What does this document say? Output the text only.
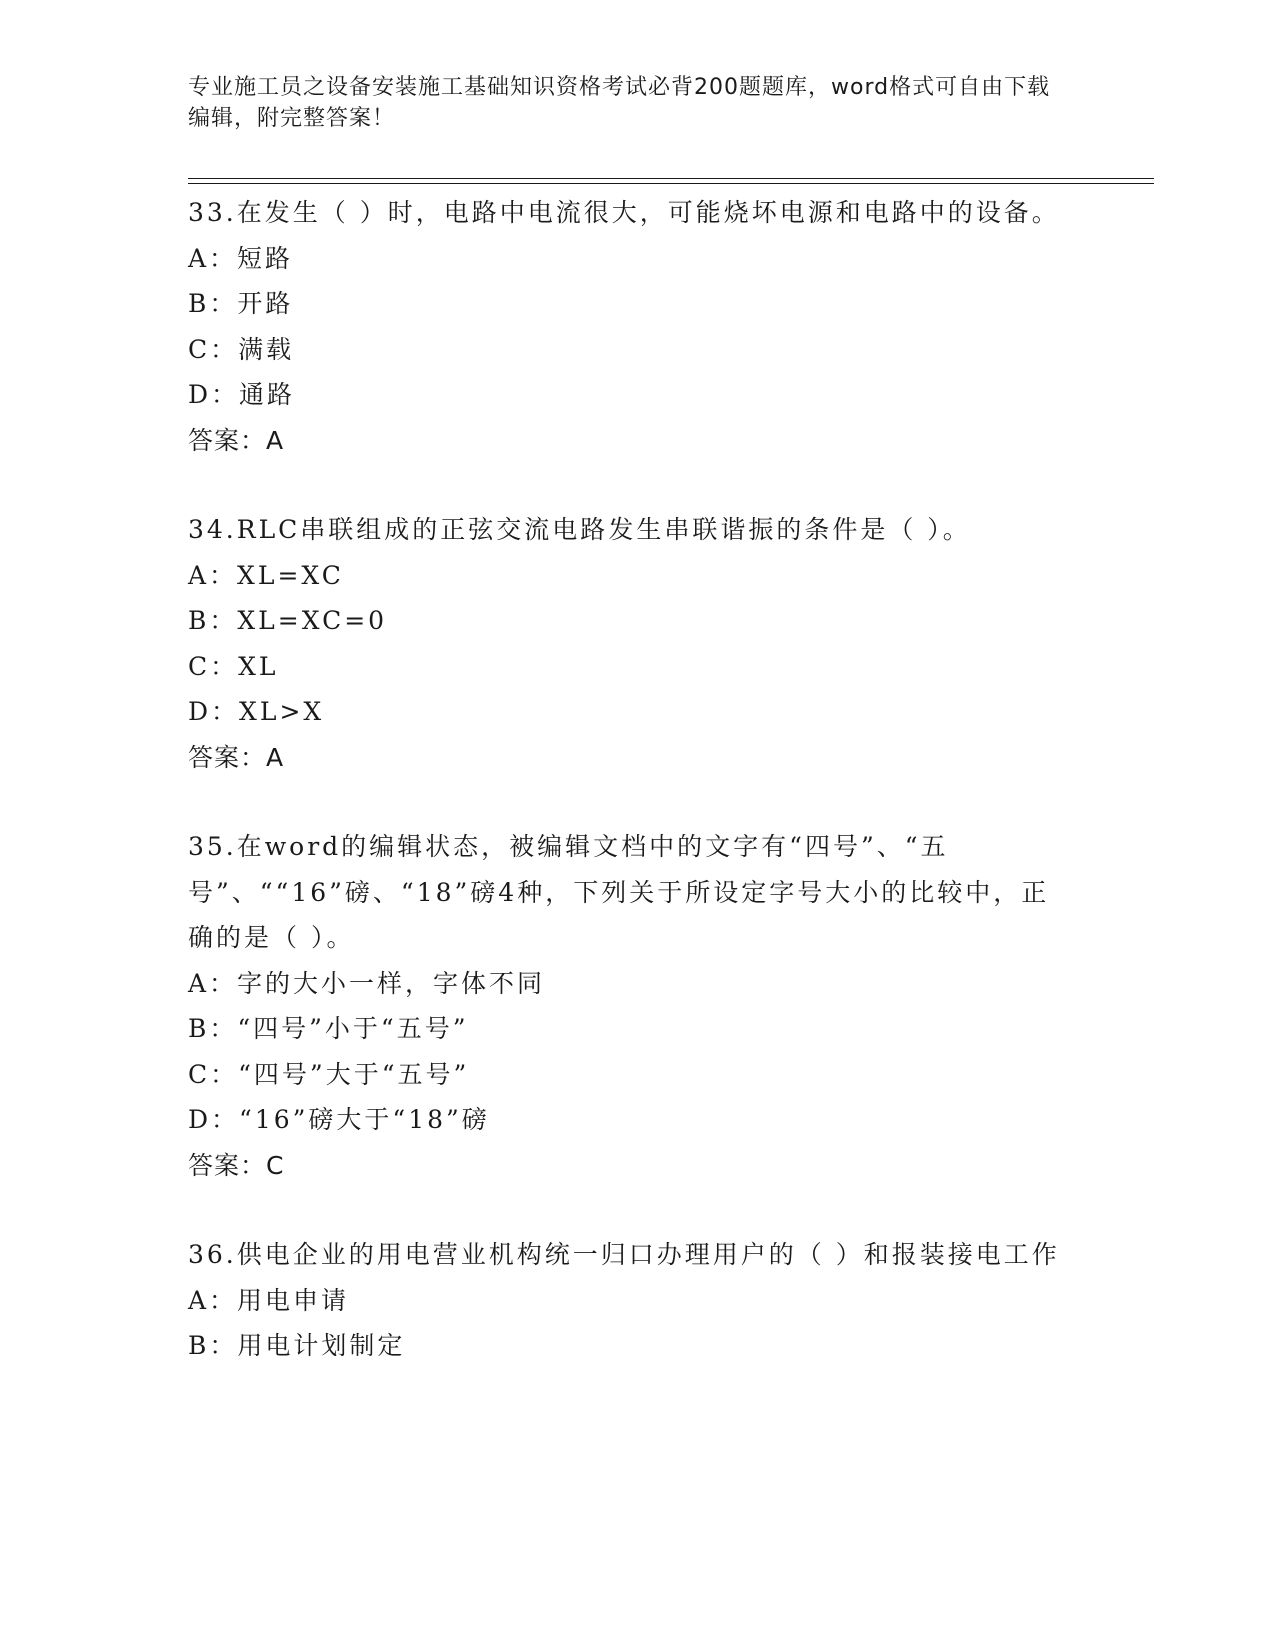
专业施工员之设备安装施工基础知识资格考试必背200题题库，word格式可自由下载编辑，附完整答案！

33.在发生（ ）时，电路中电流很大，可能烧坏电源和电路中的设备。

A：短路

B：开路

C：满载

D：通路

答案：A

34.RLC串联组成的正弦交流电路发生串联谐振的条件是（ ）。

A：XL=XC

B：XL=XC=0

C：XL

D：XL>X

答案：A

35.在word的编辑状态，被编辑文档中的文字有“四号”、“五号”、““16”磅、“18”磅4种，下列关于所设定字号大小的比较中，正确的是（ ）。

A：字的大小一样，字体不同

B：“四号”小于“五号”

C：“四号”大于“五号”

D：“16”磅大于“18”磅

答案：C

36.供电企业的用电营业机构统一归口办理用户的（ ）和报装接电工作

A：用电申请

B：用电计划制定
